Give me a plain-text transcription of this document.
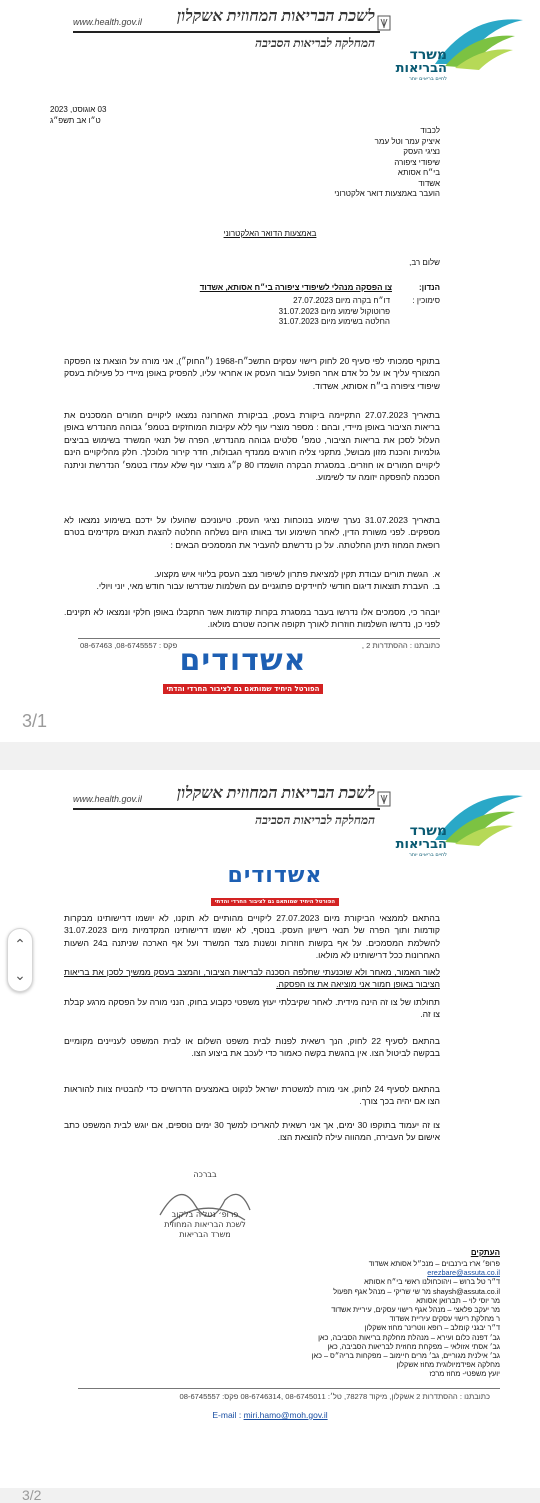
www.health.gov.il	לשכת הבריאות המחוזית אשקלון
המחלקה לבריאות הסביבה
משרד
הבריאות
לחיים בריאים יותר
03 אוגוסט, 2023
ט״ו אב תשפ״ג
לכבוד
איציק עמר וטל עמר
נציגי העסק
שיפודי ציפורה
בי״ח אסותא
אשדוד
הועבר באמצעות דואר אלקטרוני
באמצעות הדואר האלקטרוני
שלום רב,
הנדון:
צו הפסקה מנהלי לשיפודי ציפורה בי״ח אסותא, אשדוד
סימוכין :
דו״ח בקרה מיום 27.07.2023
פרוטוקול שימוע מיום 31.07.2023
החלטה בשימוע מיום 31.07.2023
בתוקף סמכותי לפי סעיף 20 לחוק רישוי עסקים התשכ״ח-1968 (״החוק״), אני מורה על הוצאת צו הפסקה המצורף עליך או על כל אדם אחר הפועל עבור העסק או אחראי עליו, להפסיק באופן מיידי כל פעילות בעסק שיפודי ציפורה בי״ח אסותא, אשדוד.
בתאריך 27.07.2023 התקיימה ביקורת בעסק, בביקורת האחרונה נמצאו ליקויים חמורים המסכנים את בריאות הציבור באופן מיידי, ובהם : מספר מוצרי עוף ללא עקיבות המוחזקים בטמפ׳ גבוהה מהנדרש באופן העלול לסכן את בריאות הציבור, טמפ׳ סלטים גבוהה מהנדרש, הפרה של תנאי המשרד בשימוש בביצים גולמיות והכנת מזון מבושל, מתקני צליה חורגים ממנדף הגבולות, חדר קירור מלוכלך. חלק מהליקויים הינם ליקויים חמורים או חוזרים. במסגרת הבקרה הושמדו 80 ק״ג מוצרי עוף שלא עמדו בטמפ׳ הנדרשת וניתנה הסכמה להפסקה יזומה עד לשימוע.
בתאריך 31.07.2023 נערך שימוע בנוכחות נציגי העסק. טיעוניכם שהועלו על ידכם בשימוע נמצאו לא מספקים. לפני משורת הדין, לאחר השימוע ועד באותו היום נשלחה החלטה להצגת תנאים מקדימים בטרם רופאת המחוז תיתן החלטתה. על כן נדרשתם להעביר את המסמכים הבאים :
א.
הגשת תורים עבודת תקין למציאת פתרון לשיפור מצב העסק בליווי איש מקצוע.
ב.
העברת תוצאות דיגום חודשי לחיידקים פתוגניים עם השלמות שנדרשו עבור חודש מאי, יוני ויולי.
יובהר כי, מסמכים אלו נדרשו בעבר במסגרת בקרות קודמות אשר התקבלו באופן חלקי ונמצאו לא תקינים. לפני כן, נדרשו השלמות חוזרות לאורך תקופה ארוכה שטרם מולאו.
כתובתנו : ההסתדרות 2 ,
08-67463 ,08-6745557 : פקס אשדודים
הפורטל היחיד שמותאם גם לציבור החרדי והדתי
3/1
www.health.gov.il	לשכת הבריאות המחוזית אשקלון
המחלקה לבריאות הסביבה
משרד
הבריאות
לחיים בריאים יותר
אשדודים
הפורטל היחיד שמותאם גם לציבור החרדי והדתי
בהתאם לממצאי הביקורת מיום 27.07.2023 ליקויים מהותיים לא תוקנו, לא יושמו דרישותינו מבקרות קודמות ותוך הפרה של תנאי רישיון העסק. בנוסף, לא יושמו דרישותינו המקדמיות מיום 31.07.2023 להשלמת המסמכים. על אף בקשות חוזרות ונשנות מצד המשרד ועל אף הארכה שניתנה ב24 השעות האחרונות ככל דרישותינו לא מולאו.
לאור האמור, מאחר ולא שוכנעתי שחלפה הסכנה לבריאות הציבור, והמצב בעסק ממשיך לסכן את בריאות הציבור באופן חמור אני מוציאה את צו הפסקה.
תחולתו של צו זה הינה מידית. לאחר שקיבלתי יעוץ משפטי כקבוע בחוק, הנני מורה על הפסקה מרגע קבלת צו זה.
בהתאם לסעיף 22 לחוק, הנך רשאית לפנות לבית משפט השלום או לבית המשפט לעניינים מקומיים בבקשה לביטול הצו. אין בהגשת בקשה כאמור כדי לעכב את ביצוע הצו.
בהתאם לסעיף 24 לחוק, אני מורה למשטרת ישראל לנקוט באמצעים הדרושים כדי להבטיח צוות להוראות הצו אם יהיה בכך צורך.
צו זה יעמוד בתוקפו 30 ימים, אך אני רשאית להאריכו למשך 30 ימים נוספים, אם יוגש לבית המשפט כתב אישום על העבירה, המהווה עילה להוצאת הצו.
בברכה
פרופ׳ נטליה בלקוב
לשכת הבריאות המחוזית
משרד הבריאות
העתקים
פרופ׳ ארז בירנבוים – מנכ״ל אסותא אשדוד
erezbare@assuta.co.il
ד״ר טל ברוש – ויהוכחולנו ראשי בי״ח אסותא
shaysh@assuta.co.il מר שי שריקי – מנהל אגף תפעול
מר יוסי לוי – תברואן אסותא
מר יעקב פלאצי – מנהל אגף רישוי עסקים, עיריית אשדוד
ר מחלקת רישוי עסקים עיריית אשדוד
ד״ר יבגני קומלב – רופא ווטרינר מחוז אשקלון
גב׳ דפנה כלום ועירא – מנהלת מחלקת בריאות הסביבה, כאן
גב׳ אסתי אזולאי – מפקחת מחוזית לבריאות הסביבה, כאן
גב׳ אילנית מגוריים, גב׳ מרים חיימוב – מפקחות בריה״ס – כאן
מחלקה אפידמיולוגית מחוז אשקלון
יועץ משפטי- מחוז מרכז
כתובתנו : ההסתדרות 2 אשקלון, מיקוד 78278, טל׳: 08-6745011 ,08-6746314 פקס: 08-6745557
E-mail : miri.hamo@moh.gov.il
3/2
⌃
⌄
